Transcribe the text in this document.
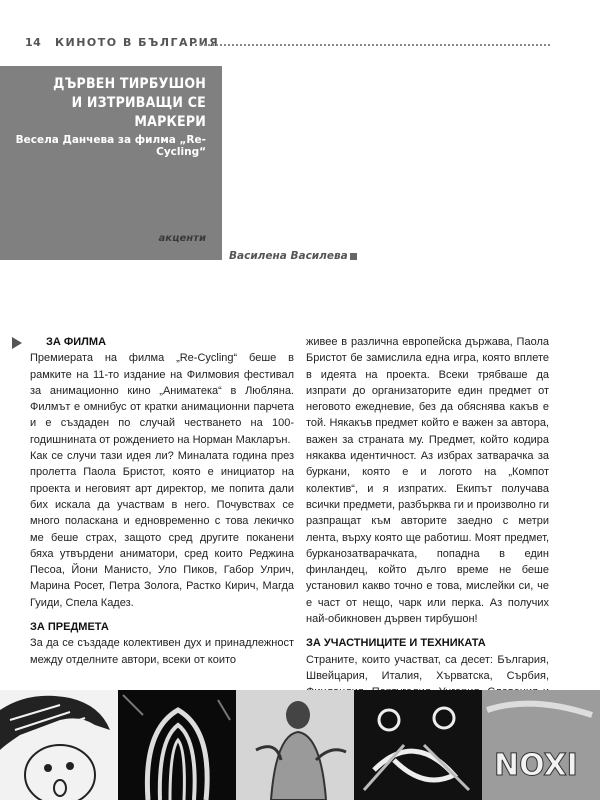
14 КИНОТО В БЪЛГАРИЯ
ДЪРВЕН ТИРБУШОН
И ИЗТРИВАЩИ СЕ МАРКЕРИ
Весела Данчева за филма „Re-Cycling“
акценти
Василена Василева
ЗА ФИЛМА

Премиерата на филма „Re-Cycling“ беше в рамките на 11-то издание на Филмовия фестивал за анимационно кино „Аниматека“ в Любляна. Филмът е омнибус от кратки анимационни парчета и е създаден по случай честването на 100-годишнината от рождението на Норман Макларън.

Как се случи тази идея ли? Миналата година през пролетта Паола Бристот, която е инициатор на проекта и неговият арт директор, ме попита дали бих искала да участвам в него. Почувствах се много поласкана и едновременно с това лекичко ме беше страх, защото сред другите поканени бяха утвърдени аниматори, сред които Реджина Песоа, Йони Манисто, Уло Пиков, Габор Улрич, Марина Росет, Петра Золога, Растко Кирич, Магда Гуиди, Спела Кадез.

ЗА ПРЕДМЕТА

За да се създаде колективен дух и принадлежност между отделните автори, всеки от които

живее в различна европейска държава, Паола Бристот бе замислила една игра, която вплете в идеята на проекта. Всеки трябваше да изпрати до организаторите един предмет от неговото ежедневие, без да обяснява какъв е той. Някакъв предмет който е важен за автора, важен за страната му. Предмет, който кодира някаква идентичност. Аз избрах затварачка за буркани, която е и логото на „Компот колектив“, и я изпратих. Екипът получава всички предмети, разбърква ги и произволно ги разпращат към авторите заедно с метри лента, върху която ще работиш. Моят предмет, бурканозатварачката, попадна в един финландец, който дълго време не беше установил какво точно е това, мислейки си, че е част от нещо, чарк или перка. Аз получих най-обикновен дървен тирбушон!

ЗА УЧАСТНИЦИТЕ И ТЕХНИКАТА

Страните, които участват, са десет: България, Швейцария, Италия, Хърватска, Сърбия,

NOXI
